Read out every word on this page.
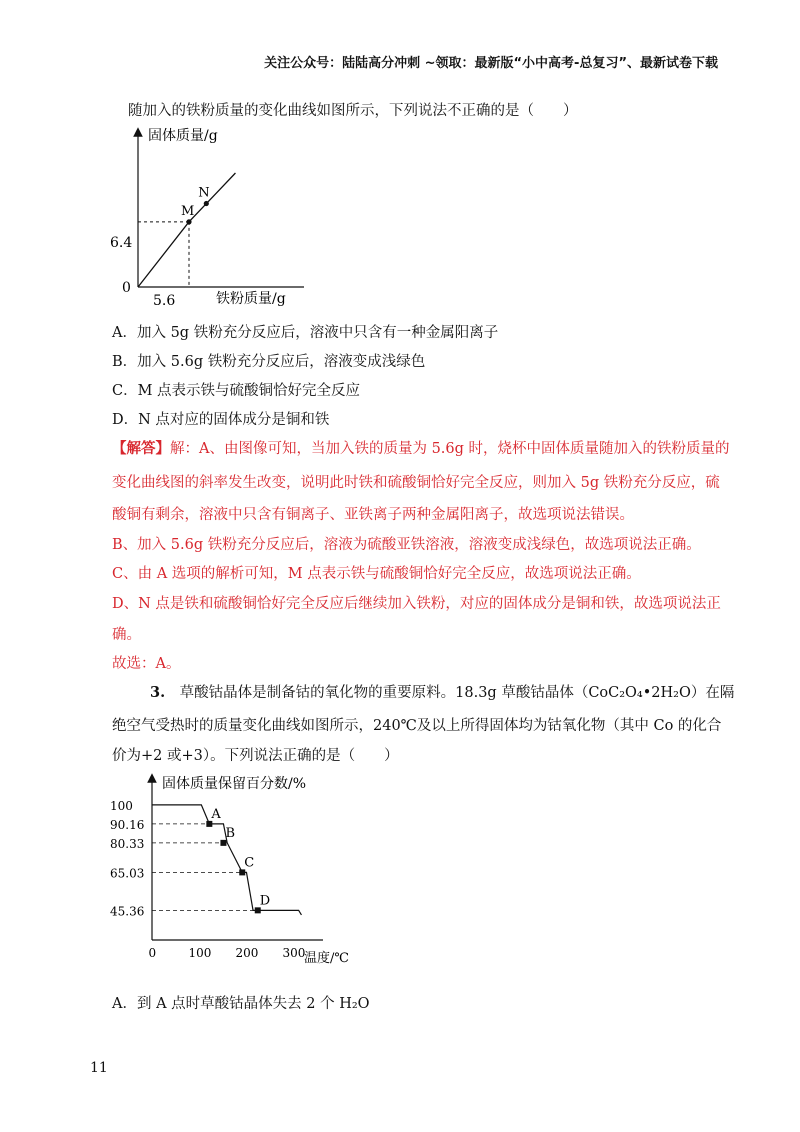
关注公众号：陆陆高分冲刺 ~领取：最新版“小中高考-总复习”、最新试卷下载
随加入的铁粉质量的变化曲线如图所示，下列说法不正确的是（　　）
固体质量/g
铁粉质量/g
0
5.6
6.4
M
N
A．加入 5g 铁粉充分反应后，溶液中只含有一种金属阳离子
B．加入 5.6g 铁粉充分反应后，溶液变成浅绿色
C．M 点表示铁与硫酸铜恰好完全反应
D．N 点对应的固体成分是铜和铁
【解答】解：A、由图像可知，当加入铁的质量为 5.6g 时，烧杯中固体质量随加入的铁粉质量的
变化曲线图的斜率发生改变，说明此时铁和硫酸铜恰好完全反应，则加入 5g 铁粉充分反应，硫
酸铜有剩余，溶液中只含有铜离子、亚铁离子两种金属阳离子，故选项说法错误。
B、加入 5.6g 铁粉充分反应后，溶液为硫酸亚铁溶液，溶液变成浅绿色，故选项说法正确。
C、由 A 选项的解析可知，M 点表示铁与硫酸铜恰好完全反应，故选项说法正确。
D、N 点是铁和硫酸铜恰好完全反应后继续加入铁粉，对应的固体成分是铜和铁，故选项说法正
确。
故选：A。
3.　 草酸钴晶体是制备钴的氧化物的重要原料。18.3g 草酸钴晶体（CoC₂O₄•2H₂O）在隔
绝空气受热时的质量变化曲线如图所示，240℃及以上所得固体均为钴氧化物（其中 Co 的化合
价为+2 或+3）。下列说法正确的是（　　）
固体质量保留百分数/%
温度/℃
100
90.16
80.33
65.03
45.36
0	100 200 300
A
B
C
D
A．到 A 点时草酸钴晶体失去 2 个 H₂O
11
